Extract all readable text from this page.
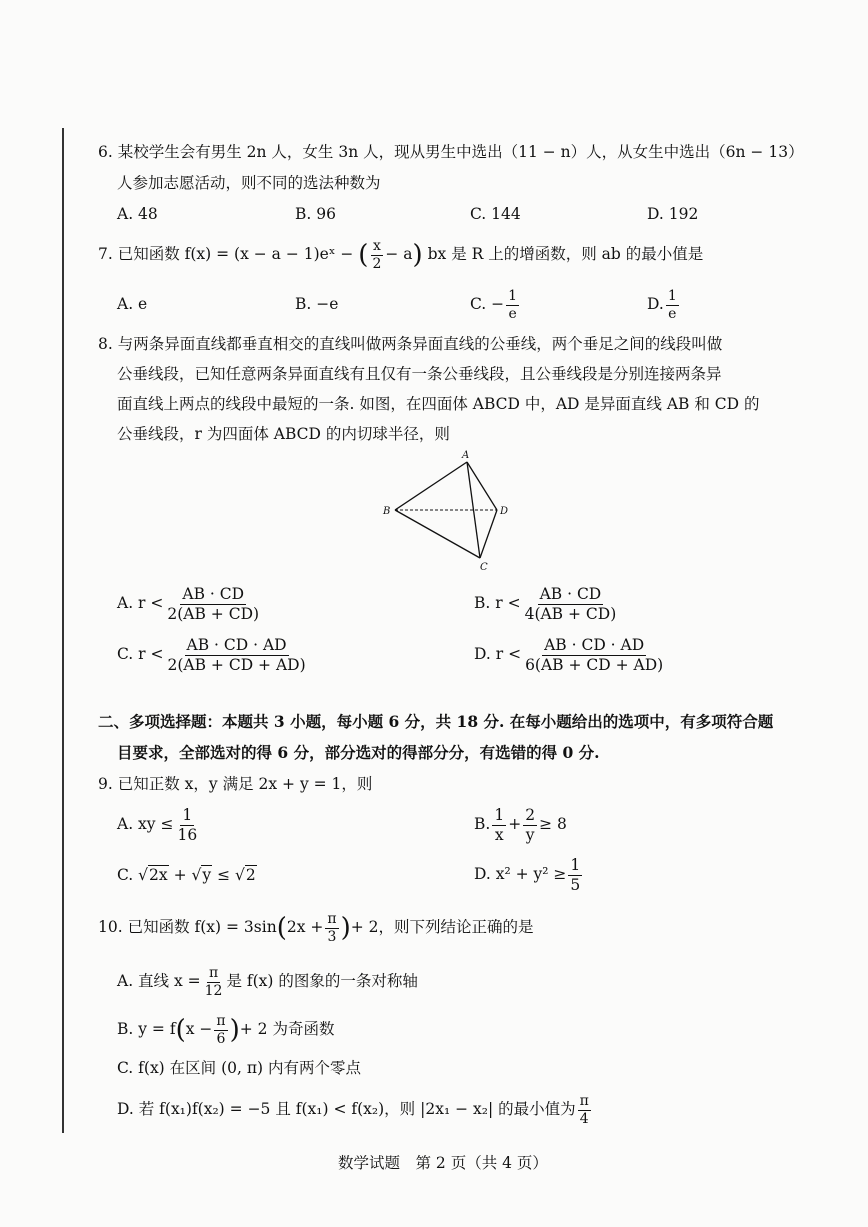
6. 某校学生会有男生 2n 人，女生 3n 人，现从男生中选出（11 − n）人，从女生中选出（6n − 13）
人参加志愿活动，则不同的选法种数为
A. 48	B. 96	C. 144	D. 192
7. 已知函数 f(x) = (x − a − 1)eˣ − ( $\frac{x}{2} - a$) bx 是 R 上的增函数，则 ab 的最小值是
A. e	B. −e	C. − $\frac{1}{e}$	D. $\frac{1}{e}$
8. 与两条异面直线都垂直相交的直线叫做两条异面直线的公垂线，两个垂足之间的线段叫做
公垂线段，已知任意两条异面直线有且仅有一条公垂线段，且公垂线段是分别连接两条异
面直线上两点的线段中最短的一条. 如图，在四面体 ABCD 中，AD 是异面直线 AB 和 CD 的
公垂线段，r 为四面体 ABCD 的内切球半径，则
A
B
C
D
A. $r < \frac{AB \cdot CD}{2(AB + CD)}$	B. $r < \frac{AB \cdot CD}{4(AB + CD)}$
C. $r < \frac{AB \cdot CD \cdot AD}{2(AB + CD + AD)}$	D. $r < \frac{AB \cdot CD \cdot AD}{6(AB + CD + AD)}$
二、多项选择题：本题共 3 小题，每小题 6 分，共 18 分. 在每小题给出的选项中，有多项符合题
目要求，全部选对的得 6 分，部分选对的得部分分，有选错的得 0 分.
9. 已知正数 x，y 满足 2x + y = 1，则
A. xy ≤ $\frac{1}{16}$	B. $\frac{1}{x} + \frac{2}{y} \ge 8$
C. √2x + √y ≤ √2	D. $x^2 + y^2 \ge \frac{1}{5}$
10. 已知函数 $f(x) = 3\sin(2x + \frac{\pi}{3}$ )+ 2，则下列结论正确的是
A. 直线 $x = \frac{\pi}{12}$ 是 f(x) 的图象的一条对称轴
B. $y = f(x - \frac{\pi}{6}$ )+ 2 为奇函数
C. f(x) 在区间 (0, π) 内有两个零点
D. 若 f(x₁)f(x₂) = −5 且 f(x₁) < f(x₂)，则 |2x₁ − x₂| 的最小值为 $\frac{\pi}{4}$
数学试题　第 2 页（共 4 页）
